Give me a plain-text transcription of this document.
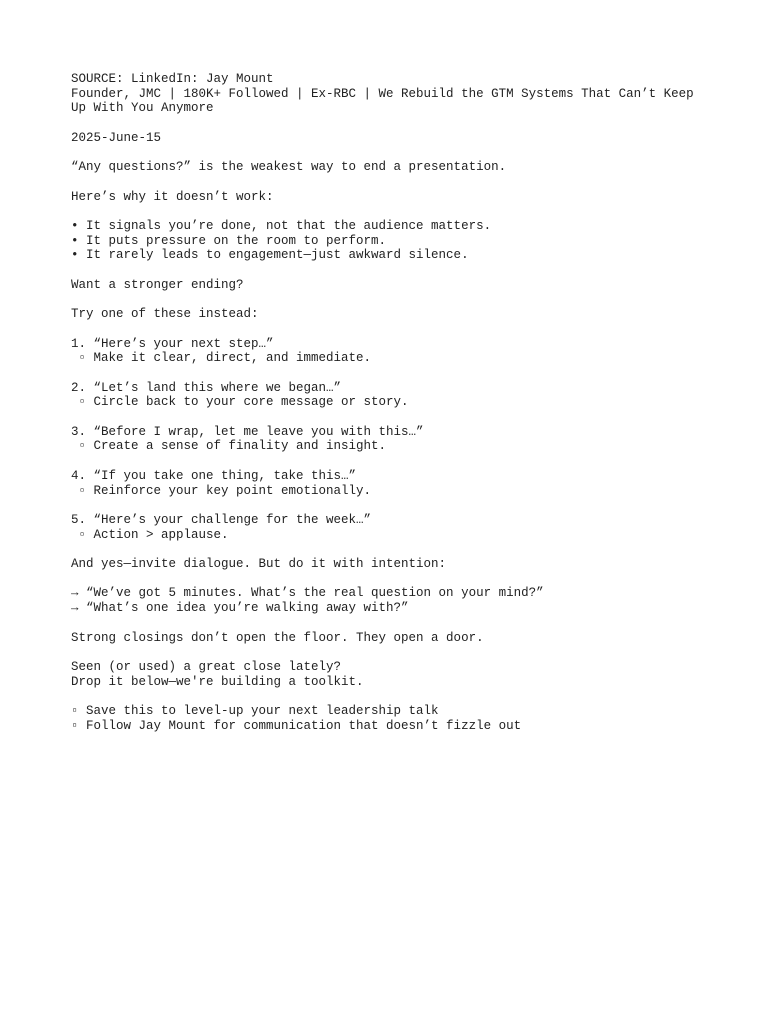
SOURCE: LinkedIn: Jay Mount
Founder, JMC | 180K+ Followed | Ex-RBC | We Rebuild the GTM Systems That Can’t Keep Up With You Anymore
2025-June-15
“Any questions?” is the weakest way to end a presentation.
Here’s why it doesn’t work:
• It signals you’re done, not that the audience matters.
• It puts pressure on the room to perform.
• It rarely leads to engagement—just awkward silence.
Want a stronger ending?
Try one of these instead:
1. “Here’s your next step…”
▫ Make it clear, direct, and immediate.
2. “Let’s land this where we began…”
▫ Circle back to your core message or story.
3. “Before I wrap, let me leave you with this…”
▫ Create a sense of finality and insight.
4. “If you take one thing, take this…”
▫ Reinforce your key point emotionally.
5. “Here’s your challenge for the week…”
▫ Action > applause.
And yes—invite dialogue. But do it with intention:
→ “We’ve got 5 minutes. What’s the real question on your mind?”
→ “What’s one idea you’re walking away with?”
Strong closings don’t open the floor. They open a door.
Seen (or used) a great close lately?
Drop it below—we're building a toolkit.
▫ Save this to level-up your next leadership talk
▫ Follow Jay Mount for communication that doesn’t fizzle out
